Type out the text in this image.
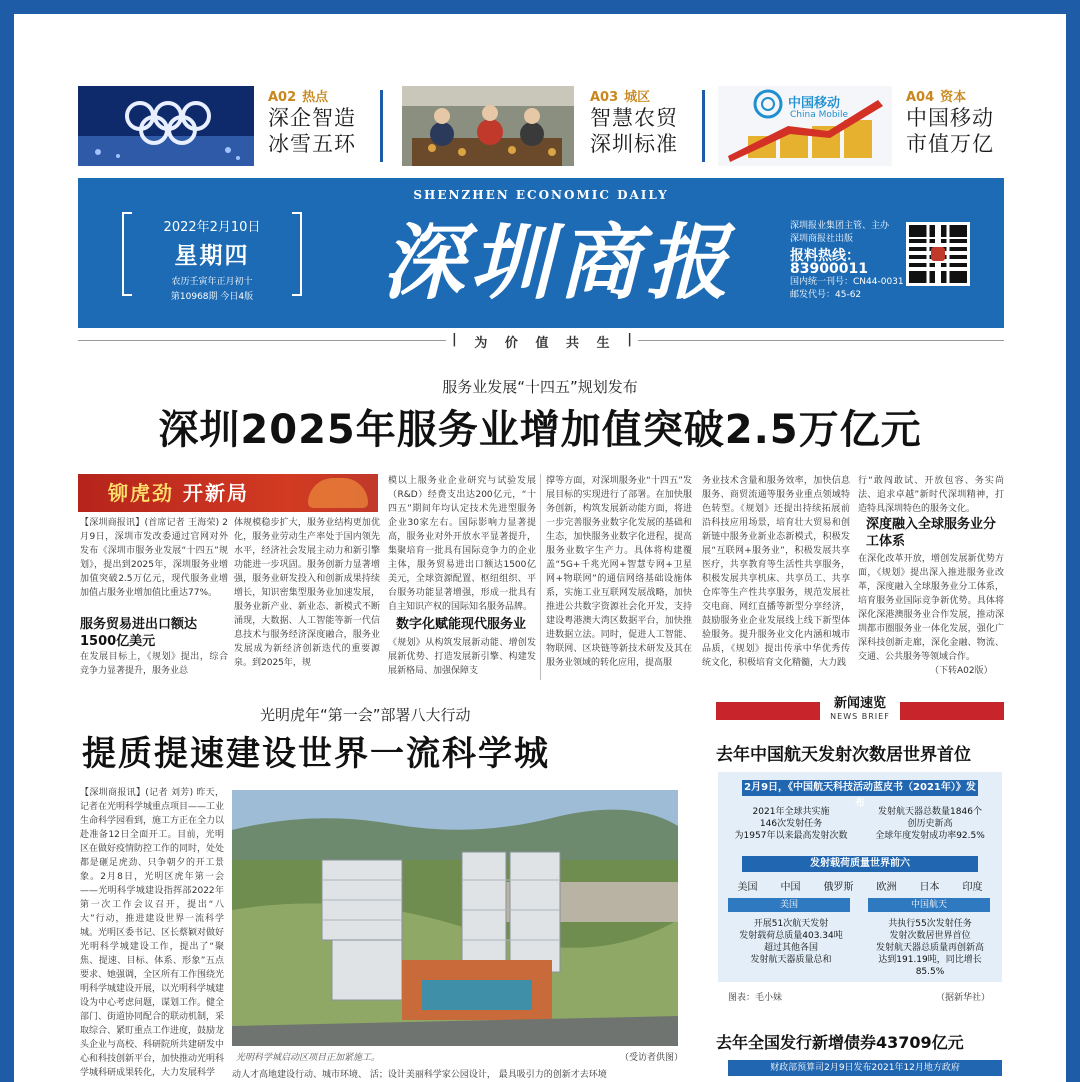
A02 热点
深企智造
冰雪五环
A03 城区
智慧农贸
深圳标准
中国移动
China Mobile
A04 资本
中国移动
市值万亿
SHENZHEN ECONOMIC DAILY
深圳商报
2022年2月10日
星期四
农历壬寅年正月初十
第10968期 今日4版
深圳报业集团主管、主办
深圳商报社出版
报料热线：83900011
国内统一刊号：CN44-0031
邮发代号：45-62
| 为 价 值 共 生 |
服务业发展“十四五”规划发布
深圳2025年服务业增加值突破2.5万亿元
铆虎劲 开新局
【深圳商报讯】(首席记者 王海荣) 2月9日，深圳市发改委通过官网对外发布《深圳市服务业发展“十四五”规划》，提出到2025年，深圳服务业增加值突破2.5万亿元，现代服务业增加值占服务业增加值比重达77%。
服务贸易进出口额达1500亿美元
在发展目标上，《规划》提出，综合竞争力显著提升，服务业总
体规模稳步扩大，服务业结构更加优化，服务业劳动生产率处于国内领先水平，经济社会发展主动力和新引擎功能进一步巩固。服务创新力显著增强，服务业研发投入和创新成果持续增长，知识密集型服务业加速发展，服务业新产业、新业态、新模式不断涌现，大数据、人工智能等新一代信息技术与服务经济深度融合，服务业发展成为新经济创新迭代的重要源泉。到2025年，规
模以上服务业企业研究与试验发展（R&D）经费支出达200亿元，“十四五”期间年均认定技术先进型服务企业30家左右。国际影响力显著提高，服务业对外开放水平显著提升，集聚培育一批具有国际竞争力的企业主体，服务贸易进出口额达1500亿美元，全球资源配置、枢纽组织、平台服务功能显著增强，形成一批具有自主知识产权的国际知名服务品牌。
数字化赋能现代服务业
《规划》从构筑发展新动能、增创发展新优势、打造发展新引擎、构建发展新格局、加强保障支
撑等方面，对深圳服务业“十四五”发展目标的实现进行了部署。在加快服务创新，构筑发展新动能方面，将进一步完善服务业数字化发展的基础和生态，加快服务业数字化进程，提高服务业数字生产力。具体将构建覆盖“5G+千兆光网+智慧专网+卫星网+物联网”的通信网络基础设施体系，实施工业互联网发展战略，加快推进公共数字资源社会化开发，支持建设粤港澳大湾区数据平台，加快推进数据立法。同时，促进人工智能、物联网、区块链等新技术研发及其在服务业领域的转化应用，提高服
务业技术含量和服务效率，加快信息服务、商贸流通等服务业重点领域特色转型。《规划》还提出持续拓展前沿科技应用场景，培育壮大贸易和创新链中服务业新业态新模式，积极发展“互联网+服务业”，积极发展共享医疗，共享教育等生活性共享服务，积极发展共享机床、共享员工、共享仓库等生产性共享服务，规范发展社交电商、网红直播等新型分享经济，鼓励服务业企业发展线上线下新型体验服务。提升服务业文化内涵和城市品质，《规划》提出传承中华优秀传统文化，积极培育文化精髓，大力践
行“敢闯敢试、开放包容、务实尚法、追求卓越”新时代深圳精神，打造特具深圳特色的服务文化。
深度融入全球服务业分工体系
在深化改革开放，增创发展新优势方面，《规划》提出深入推进服务业改革，深度融入全球服务业分工体系，培育服务业国际竞争新优势。具体将深化深港澳服务业合作发展，推动深圳都市圈服务业一体化发展，强化广深科技创新走廊，深化金融、物流、交通、公共服务等领域合作。
（下转A02版）
光明虎年“第一会”部署八大行动
提质提速建设世界一流科学城
【深圳商报讯】(记者 刘芳) 昨天，记者在光明科学城重点项目——工业生命科学园看到，施工方正在全力以赴准备12日全面开工。目前，光明区在做好疫情防控工作的同时，处处都是砸足虎劲、只争朝夕的开工景象。2月8日，光明区虎年第一会——光明科学城建设指挥部2022年第一次工作会议召开，提出“八大”行动，推进建设世界一流科学城。光明区委书记、区长蔡颖对做好光明科学城建设工作，提出了“聚焦、提速、目标、体系、形象”五点要求、她强调，全区所有工作围绕光明科学城建设开展，以光明科学城建设为中心考虑问题，谋划工作。健全部门、街道协同配合的联动机制，采取综合、紧盯重点工作进度，鼓励龙头企业与高校、科研院所共建研发中心和科技创新平台，加快推动光明科学城科研成果转化，大力发展科学
光明科学城启动区项目正加紧施工。	（受访者供图）
动人才高地建设行动、城市环境、 活；设计美丽科学家公园设计， 最具吸引力的创新才去环境
新闻速览
NEWS BRIEF
去年中国航天发射次数居世界首位
2月9日，《中国航天科技活动蓝皮书（2021年）》发布
2021年全球共实施
146次发射任务
为1957年以来最高发射次数
发射航天器总数量1846个
创历史新高
全球年度发射成功率92.5%
发射载荷质量世界前六
美国 中国 俄罗斯 欧洲 日本 印度
美国	中国航天
开展51次航天发射
发射载荷总质量403.34吨
超过其他各国
发射航天器质量总和
共执行55次发射任务
发射次数居世界首位
发射航天器总质量再创新高
达到191.19吨，同比增长85.5%
图表：毛小妹	（据新华社）
去年全国发行新增债券43709亿元
财政部预算司2月9日发布2021年12月地方政府
